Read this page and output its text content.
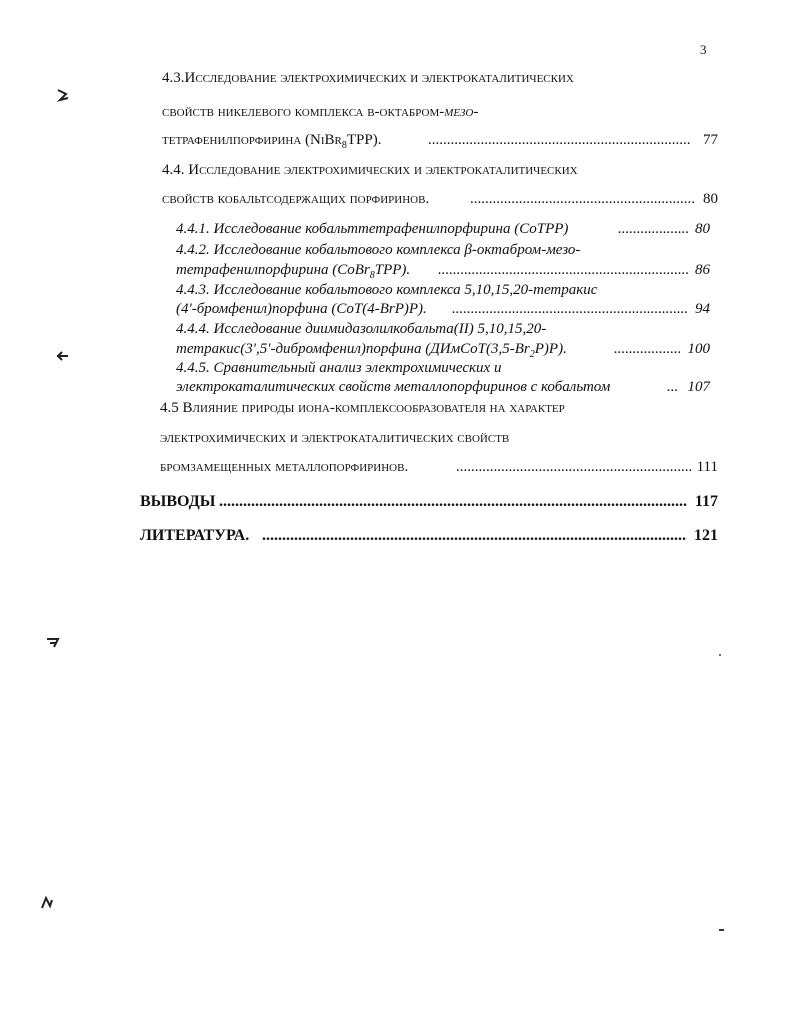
3
4.3.Исследование электрохимических и электрокаталитических
свойств никелевого комплекса β-октабром-мезо-
тетрафенилпорфирина (NiBr$_8$TPP). .....	77
4.4. Исследование электрохимических и электрокаталитических
свойств кобальтсодержащих порфиринов. .....	80
4.4.1. Исследование кобальттетрафенилпорфирина (CoTPP) .....	80
4.4.2. Исследование кобальтового комплекса β-октабром-мезо-
тетрафенилпорфирина (CoBr$_8$TPP). .....	86
4.4.3. Исследование кобальтового комплекса 5,10,15,20-тетракис
(4'-бромфенил)порфина (CoT(4-BrP)P). .....	94
4.4.4. Исследование диимидазолилкобальта(II) 5,10,15,20-
тетракис(3',5'-дибромфенил)порфина $(ДИмCoT(3,5-Br_2P)P)$. .....	100
4.4.5. Сравнительный анализ электрохимических и
электрокаталитических свойств металлопорфиринов с кобальтом .....	107
4.5 Влияние природы иона-комплексообразователя на характер
электрохимических и электрокаталитических свойств
бромзамещенных металлопорфиринов. .....	111
ВЫВОДЫ .....	117
ЛИТЕРАТУРА. .....	121
